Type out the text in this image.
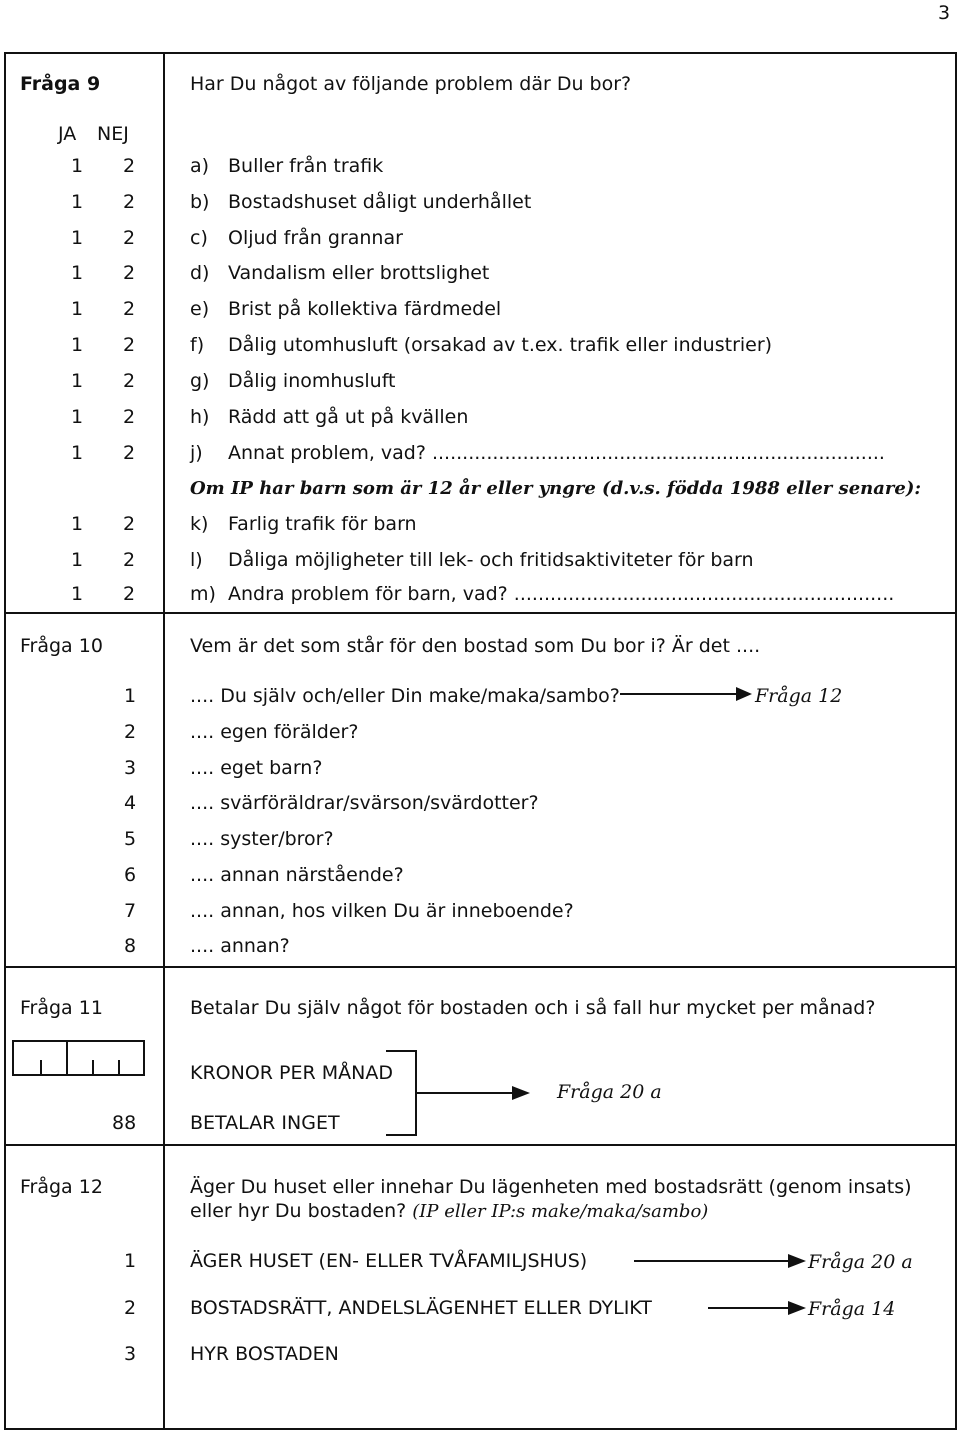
3
Fråga 9	Har Du något av följande problem där Du bor?
JA NEJ
1 2	a) Buller från trafik
1 2	b) Bostadshuset dåligt underhållet
1 2	c) Oljud från grannar
1 2	d) Vandalism eller brottslighet
1 2	e) Brist på kollektiva färdmedel
1 2	f) Dålig utomhusluft (orsakad av t.ex. trafik eller industrier)
1 2	g) Dålig inomhusluft
1 2	h) Rädd att gå ut på kvällen
1 2	j) Annat problem, vad? ...........................................................................
Om IP har barn som är 12 år eller yngre (d.v.s. födda 1988 eller senare):
1 2	k) Farlig trafik för barn
1 2	l) Dåliga möjligheter till lek- och fritidsaktiviteter för barn
1 2	m) Andra problem för barn, vad? ...............................................................
Fråga 10	Vem är det som står för den bostad som Du bor i? Är det ....
1	.... Du själv och/eller Din make/maka/sambo?
2	.... egen förälder?
3	.... eget barn?
4	.... svärföräldrar/svärson/svärdotter?
5	.... syster/bror?
6	.... annan närstående?
7	.... annan, hos vilken Du är inneboende?
8	.... annan?
Fråga 12
Fråga 11	Betalar Du själv något för bostaden och i så fall hur mycket per månad?
KRONOR PER MÅNAD
88	BETALAR INGET
Fråga 20 a
Fråga 12	Äger Du huset eller innehar Du lägenheten med bostadsrätt (genom insats)
eller hyr Du bostaden? (IP eller IP:s make/maka/sambo)
1	ÄGER HUSET (EN- ELLER TVÅFAMILJSHUS)	Fråga 20 a
2	BOSTADSRÄTT, ANDELSLÄGENHET ELLER DYLIKT	Fråga 14
3	HYR BOSTADEN
